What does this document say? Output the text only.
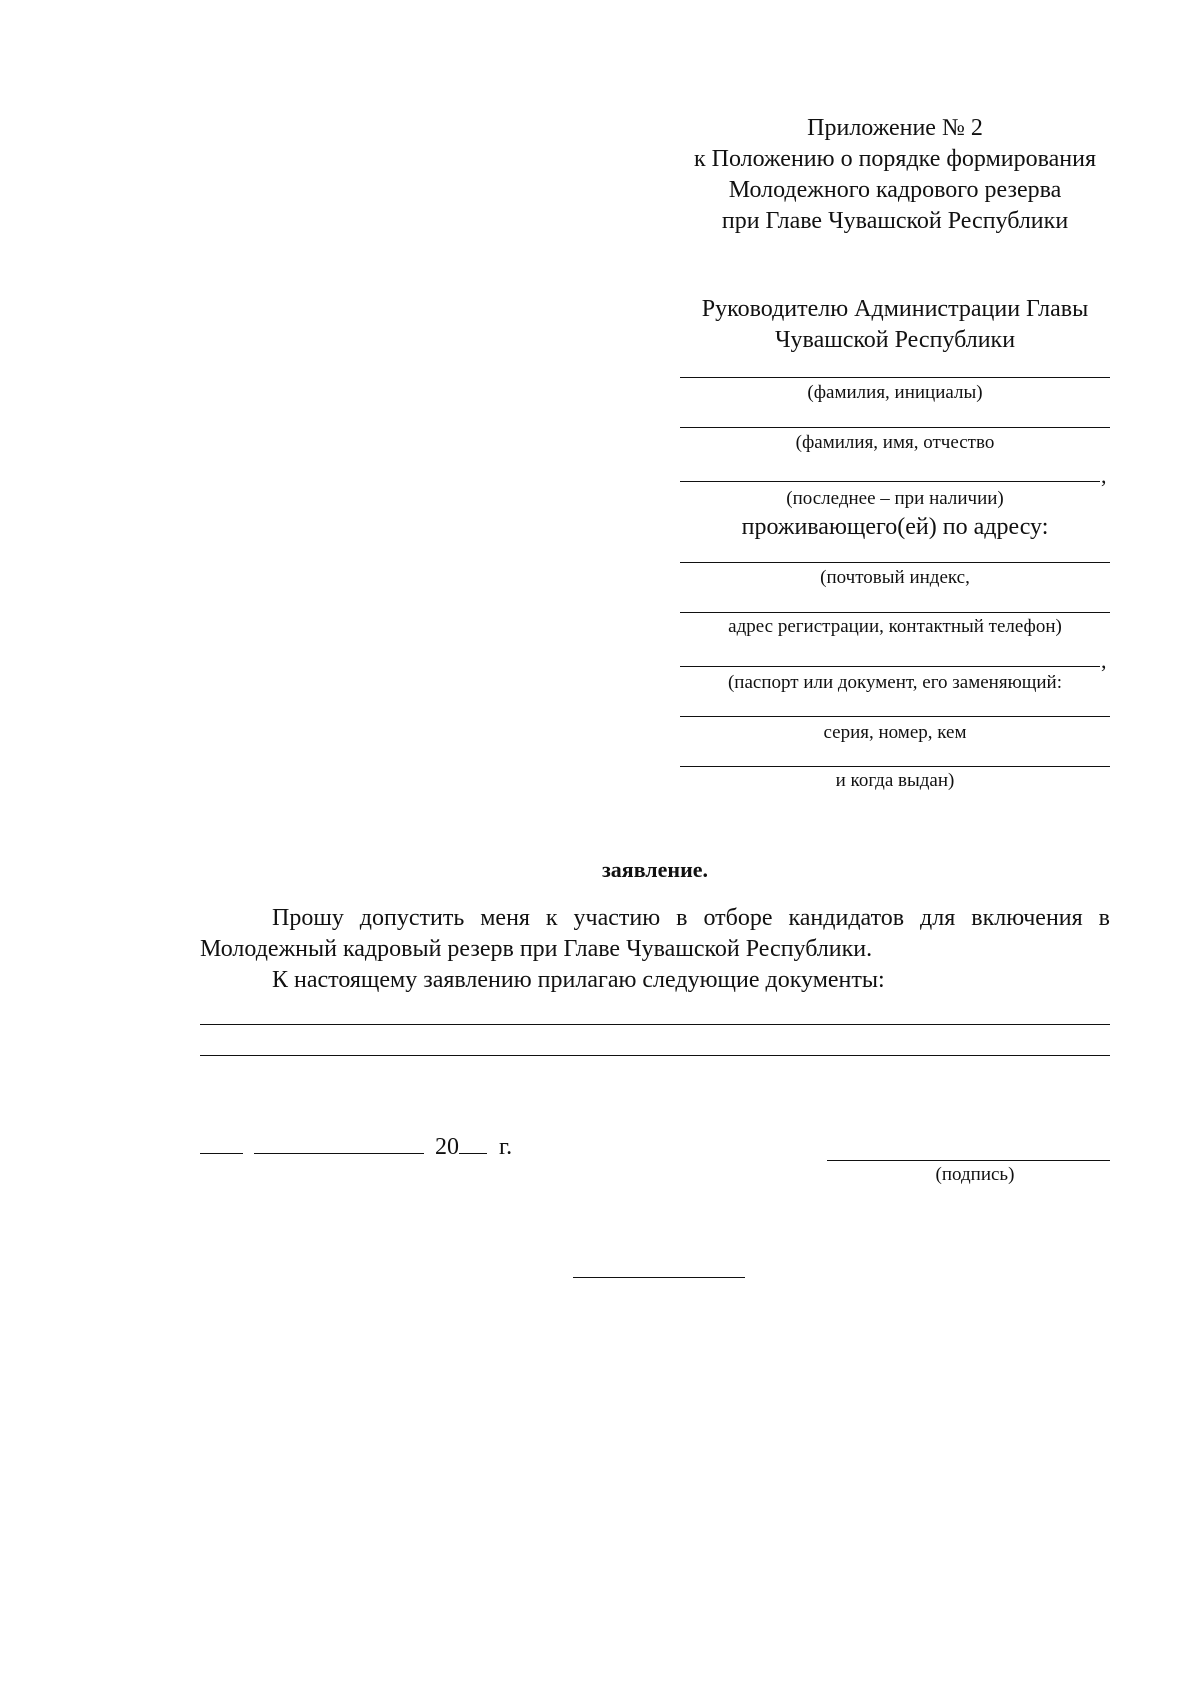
Приложение № 2
к Положению о порядке формирования
Молодежного кадрового резерва
при Главе Чувашской Республики
Руководителю Администрации Главы
Чувашской Республики
(фамилия, инициалы)
(фамилия, имя, отчество
,
(последнее – при наличии)
проживающего(ей) по адресу:
(почтовый индекс,
адрес регистрации, контактный телефон)
,
(паспорт или документ, его заменяющий:
серия, номер, кем
и когда выдан)
заявление.
Прошу допустить меня к участию в отборе кандидатов для включения в Молодежный кадровый резерв при Главе Чувашской Республики.
К настоящему заявлению прилагаю следующие документы:
20 г.
(подпись)
